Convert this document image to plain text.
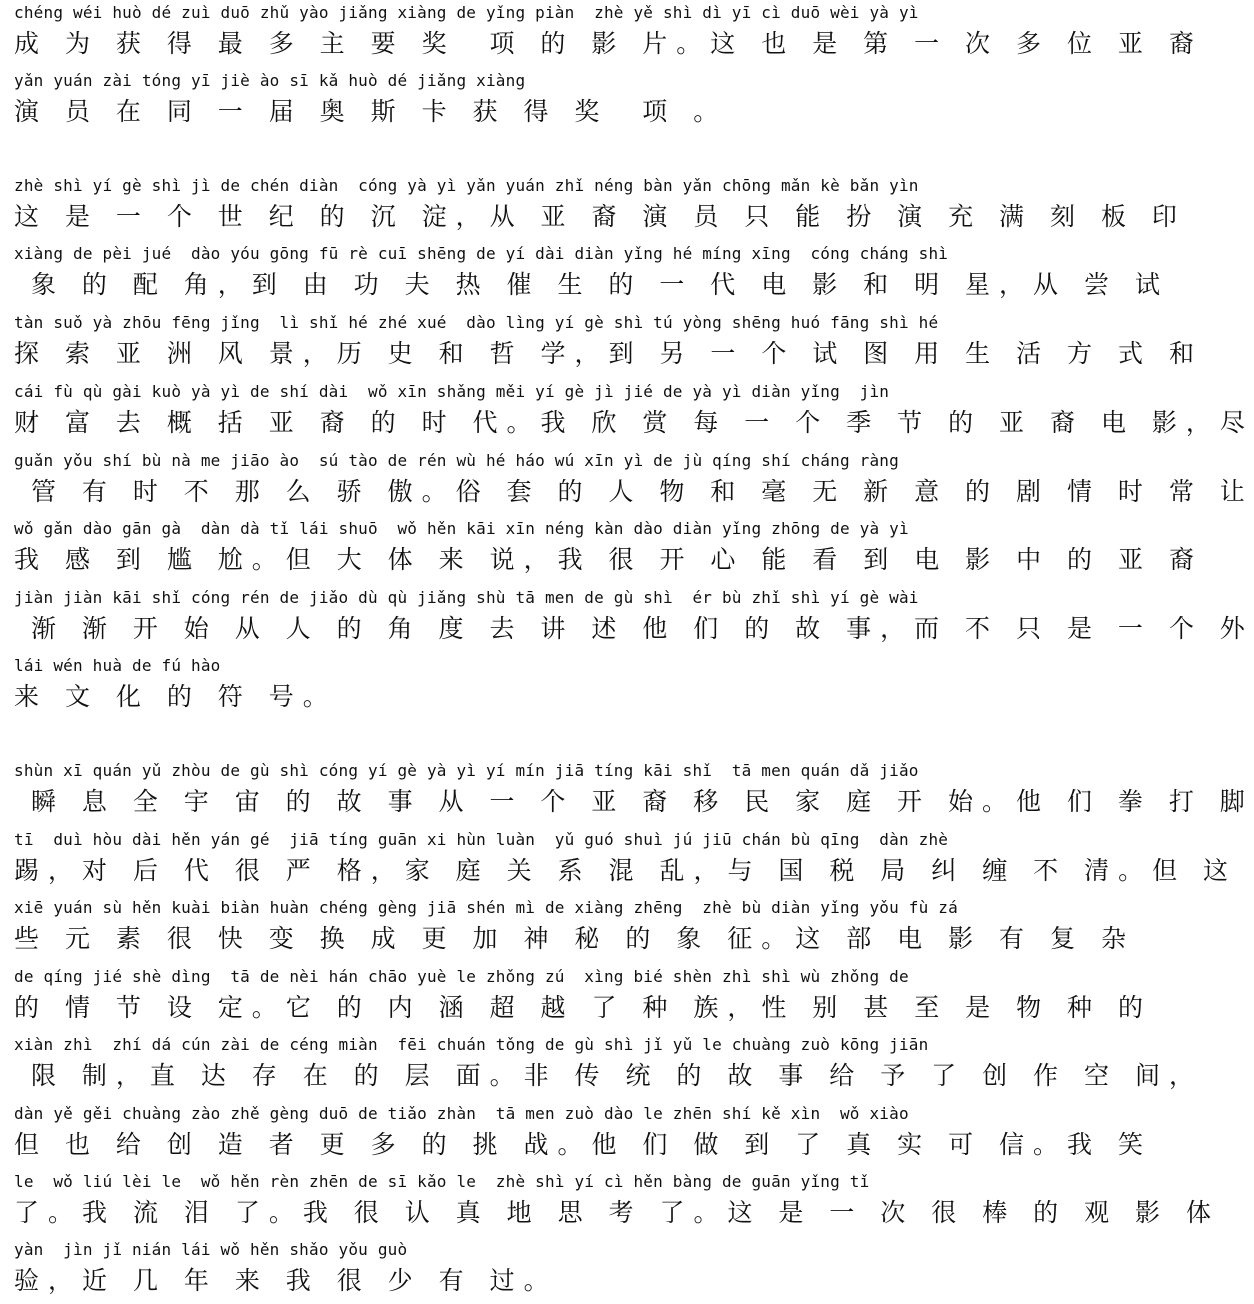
chéng wéi huò dé zuì duō zhǔ yào jiǎng xiàng de yǐng piàn  zhè yě shì dì yī cì duō wèi yà yì
成 为 获 得 最 多 主 要 奖  项 的 影 片。这 也 是 第 一 次 多 位 亚 裔
yǎn yuán zài tóng yī jiè ào sī kǎ huò dé jiǎng xiàng
演 员 在 同 一 届 奥 斯 卡 获 得 奖  项 。
zhè shì yí gè shì jì de chén diàn  cóng yà yì yǎn yuán zhǐ néng bàn yǎn chōng mǎn kè bǎn yìn
这 是 一 个 世 纪 的 沉 淀，从 亚 裔 演 员 只 能 扮 演 充 满 刻 板 印
xiàng de pèi jué  dào yóu gōng fū rè cuī shēng de yí dài diàn yǐng hé míng xīng  cóng cháng shì
象 的 配 角，到 由 功 夫 热 催 生 的 一 代 电 影 和 明 星，从 尝 试
tàn suǒ yà zhōu fēng jǐng  lì shǐ hé zhé xué  dào lìng yí gè shì tú yòng shēng huó fāng shì hé
探 索 亚 洲 风 景，历 史 和 哲 学，到 另 一 个 试 图 用 生 活 方 式 和
cái fù qù gài kuò yà yì de shí dài  wǒ xīn shǎng měi yí gè jì jié de yà yì diàn yǐng  jìn
财 富 去 概 括 亚 裔 的 时 代。我 欣 赏 每 一 个 季 节 的 亚 裔 电 影，尽
guǎn yǒu shí bù nà me jiāo ào  sú tào de rén wù hé háo wú xīn yì de jù qíng shí cháng ràng
管 有 时 不 那 么 骄 傲。俗 套 的 人 物 和 毫 无 新 意 的 剧 情 时 常 让
wǒ gǎn dào gān gà  dàn dà tǐ lái shuō  wǒ hěn kāi xīn néng kàn dào diàn yǐng zhōng de yà yì
我 感 到 尴 尬。但 大 体 来 说，我 很 开 心 能 看 到 电 影 中 的 亚 裔
jiàn jiàn kāi shǐ cóng rén de jiǎo dù qù jiǎng shù tā men de gù shì  ér bù zhǐ shì yí gè wài
渐 渐 开 始 从 人 的 角 度 去 讲 述 他 们 的 故 事，而 不 只 是 一 个 外
lái wén huà de fú hào
来 文 化 的 符 号。
shùn xī quán yǔ zhòu de gù shì cóng yí gè yà yì yí mín jiā tíng kāi shǐ  tā men quán dǎ jiǎo
瞬 息 全 宇 宙 的 故 事 从 一 个 亚 裔 移 民 家 庭 开 始。他 们 拳 打 脚
tī  duì hòu dài hěn yán gé  jiā tíng guān xi hùn luàn  yǔ guó shuì jú jiū chán bù qīng  dàn zhè
踢，对 后 代 很 严 格，家 庭 关 系 混 乱，与 国 税 局 纠 缠 不 清。但 这
xiē yuán sù hěn kuài biàn huàn chéng gèng jiā shén mì de xiàng zhēng  zhè bù diàn yǐng yǒu fù zá
些 元 素 很 快 变 换 成 更 加 神 秘 的 象 征。这 部 电 影 有 复 杂
de qíng jié shè dìng  tā de nèi hán chāo yuè le zhǒng zú  xìng bié shèn zhì shì wù zhǒng de
的 情 节 设 定。它 的 内 涵 超 越 了 种 族，性 别 甚 至 是 物 种 的
xiàn zhì  zhí dá cún zài de céng miàn  fēi chuán tǒng de gù shì jǐ yǔ le chuàng zuò kōng jiān
限 制，直 达 存 在 的 层 面。非 传 统 的 故 事 给 予 了 创 作 空 间，
dàn yě gěi chuàng zào zhě gèng duō de tiǎo zhàn  tā men zuò dào le zhēn shí kě xìn  wǒ xiào
但 也 给 创 造 者 更 多 的 挑 战。他 们 做 到 了 真 实 可 信。我 笑
le  wǒ liú lèi le  wǒ hěn rèn zhēn de sī kǎo le  zhè shì yí cì hěn bàng de guān yǐng tǐ
了。我 流 泪 了。我 很 认 真 地 思 考 了。这 是 一 次 很 棒 的 观 影 体
yàn  jìn jǐ nián lái wǒ hěn shǎo yǒu guò
验，近 几 年 来 我 很 少 有 过。
